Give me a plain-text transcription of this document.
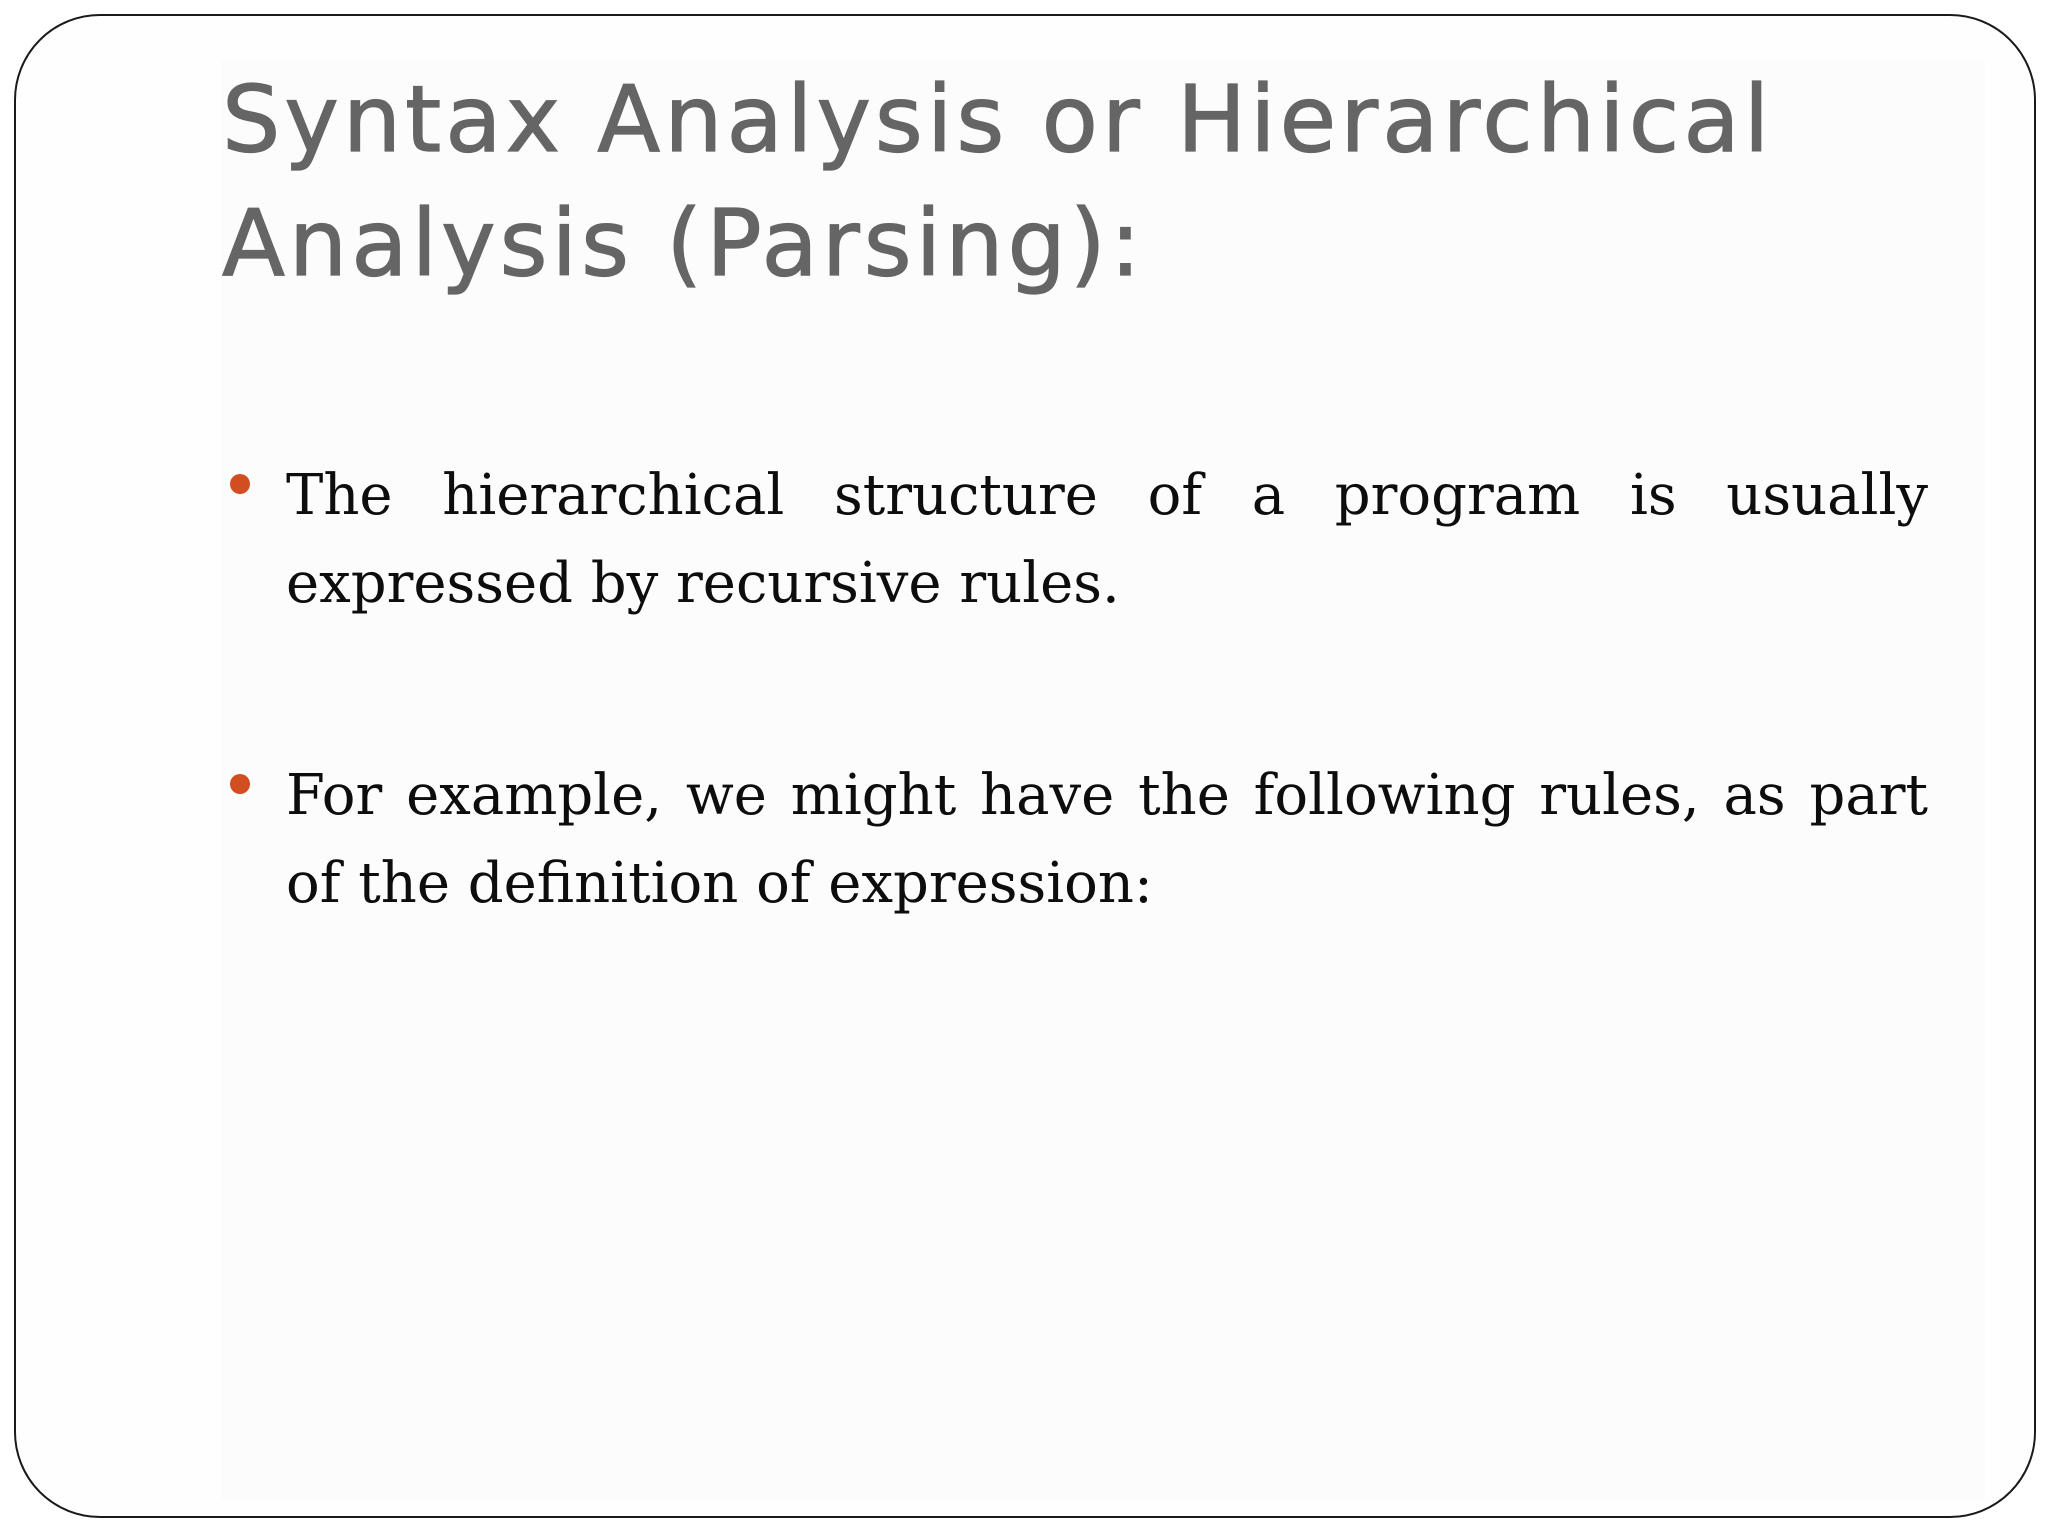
Syntax Analysis or Hierarchical Analysis (Parsing):
The hierarchical structure of a program is usually expressed by recursive rules.
For example, we might have the following rules, as part of the definition of expression:
